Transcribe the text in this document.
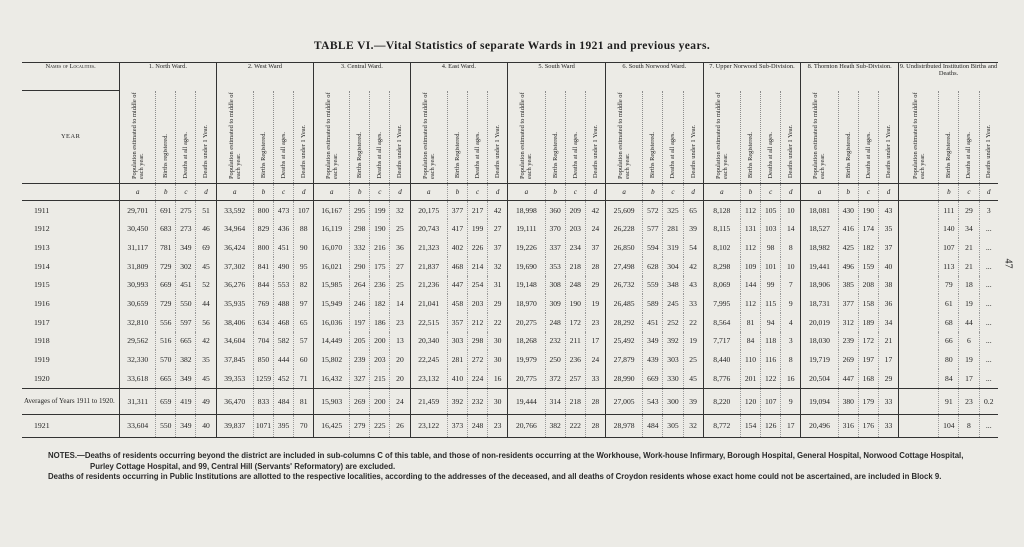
TABLE VI.—Vital Statistics of separate Wards in 1921 and previous years.
47
Names of Localities.	1. North Ward.				2. West Ward				3. Central Ward.				4. East Ward.				5. South Ward				6. South Norwood Ward.				7. Upper Norwood Sub-Division.				8. Thornton Heath Sub-Division.				9. Undistributed Institution Births and Deaths.			
YEAR	Population estimated to middle of each year.	Births registered.	Deaths at all ages.	Deaths under 1 Year.	Population estimated to middle of each year.	Births Registered.	Deaths at all ages.	Deaths under 1 Year.	Population estimated to middle of each year.	Births Registered.	Deaths at all ages.	Deaths under 1 Year.	Population estimated to middle of each year.	Births Registered.	Deaths at all ages.	Deaths under 1 Year.	Population estimated to middle of each year.	Births Registered.	Deaths at all ages.	Deaths under 1 Year.	Population estimated to middle of each year.	Births Registered.	Deaths at all ages.	Deaths under 1 Year.	Population estimated to middle of each year.	Births Registered.	Deaths at all ages.	Deaths under 1 Year.	Population estimated to middle of each year.	Births Registered.	Deaths at all ages.	Deaths under 1 Year.	Population estimated to middle of each year.	Births Registered.	Deaths at all ages.	Deaths under 1 Year.
	a	b	c	d	a	b	c	d	a	b	c	d	a	b	c	d	a	b	c	d	a	b	c	d	a	b	c	d	a	b	c	d		b	c	d
1911	29,701	691	275	51	33,592	800	473	107	16,167	295	199	32	20,175	377	217	42	18,998	360	209	42	25,609	572	325	65	8,128	112	105	10	18,081	430	190	43		111	29	3
1912	30,450	683	273	46	34,964	829	436	88	16,119	298	190	25	20,743	417	199	27	19,111	370	203	24	26,228	577	281	39	8,115	131	103	14	18,527	416	174	35		140	34	...
1913	31,117	781	349	69	36,424	800	451	90	16,070	332	216	36	21,323	402	226	37	19,226	337	234	37	26,850	594	319	54	8,102	112	98	8	18,982	425	182	37		107	21	...
1914	31,809	729	302	45	37,302	841	490	95	16,021	290	175	27	21,837	468	214	32	19,690	353	218	28	27,498	628	304	42	8,298	109	101	10	19,441	496	159	40		113	21	...
1915	30,993	669	451	52	36,276	844	553	82	15,985	264	236	25	21,236	447	254	31	19,148	308	248	29	26,732	559	348	43	8,069	144	99	7	18,906	385	208	38		79	18	...
1916	30,659	729	550	44	35,935	769	488	97	15,949	246	182	14	21,041	458	203	29	18,970	309	190	19	26,485	589	245	33	7,995	112	115	9	18,731	377	158	36		61	19	...
1917	32,810	556	597	56	38,406	634	468	65	16,036	197	186	23	22,515	357	212	22	20,275	248	172	23	28,292	451	252	22	8,564	81	94	4	20,019	312	189	34		68	44	...
1918	29,562	516	665	42	34,604	704	582	57	14,449	205	200	13	20,340	303	298	30	18,268	232	211	17	25,492	349	392	19	7,717	84	118	3	18,030	239	172	21		66	6	...
1919	32,330	570	382	35	37,845	850	444	60	15,802	239	203	20	22,245	281	272	30	19,979	250	236	24	27,879	439	303	25	8,440	110	116	8	19,719	269	197	17		80	19	...
1920	33,618	665	349	45	39,353	1259	452	71	16,432	327	215	20	23,132	410	224	16	20,775	372	257	33	28,990	669	330	45	8,776	201	122	16	20,504	447	168	29		84	17	...
Averages of Years 1911 to 1920.	31,311	659	419	49	36,470	833	484	81	15,903	269	200	24	21,459	392	232	30	19,444	314	218	28	27,005	543	300	39	8,220	120	107	9	19,094	380	179	33		91	23	0.2
1921	33,604	550	349	40	39,837	1071	395	70	16,425	279	225	26	23,122	373	248	23	20,766	382	222	28	28,978	484	305	32	8,772	154	126	17	20,496	316	176	33		104	8	...

NOTES.—Deaths of residents occurring beyond the district are included in sub-columns C of this table, and those of non-residents occurring at the Workhouse, Work-house Infirmary, Borough Hospital, General Hospital, Norwood Cottage Hospital, Purley Cottage Hospital, and 99, Central Hill (Servants' Reformatory) are excluded.

Deaths of residents occurring in Public Institutions are allotted to the respective localities, according to the addresses of the deceased, and all deaths of Croydon residents whose exact home could not be ascertained, are included in Block 9.
